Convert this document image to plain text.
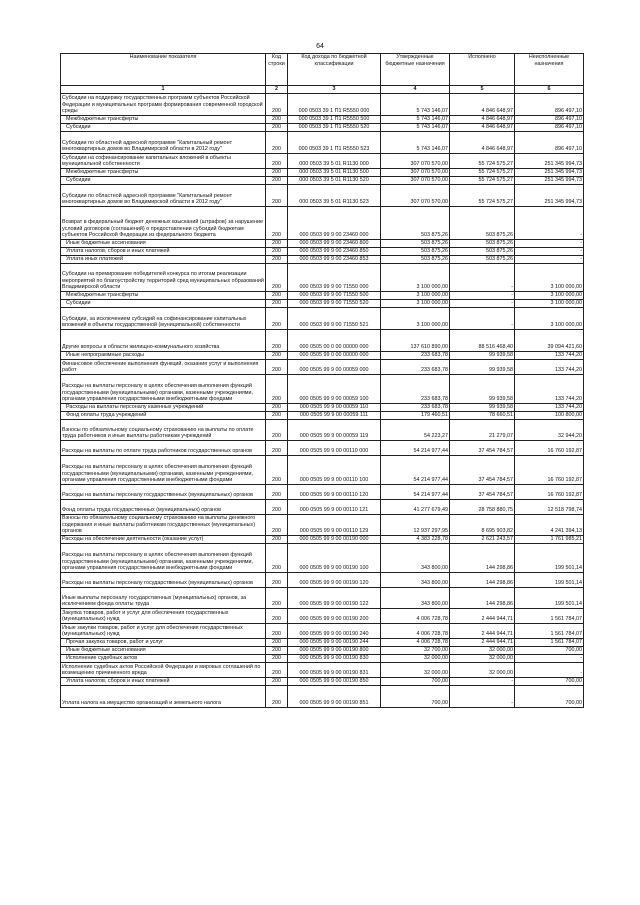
64
Наименование показателя	Код строки	Код дохода по бюджетной классификации	Утвержденные бюджетные назначения	Исполнено	Неисполненные назначения
1	2	3	4	5	6
Субсидии на поддержку государственных программ субъектов Российской Федерации и муниципальных программ формирования современной городской среды	200	000 0503 39 1 П1 R5550 000	5 743 146,07	4 846 648,97	896 497,10
Межбюджетные трансферты	200	000 0503 39 1 П1 R5550 500	5 743 146,07	4 846 648,97	896 497,10
Субсидии	200	000 0503 39 1 П1 R5550 520	5 743 146,07	4 846 648,97	896 497,10
Субсидии по областной адресной программе "Капитальный ремонт многоквартирных домов во Владимирской области в 2012 году"	200	000 0503 39 1 П1 R5550 523	5 743 146,07	4 846 648,97	896 497,10
Субсидии на софинансирование капитальных вложений в объекты муниципальной собственности	200	000 0503 39 5 01 R1130 000	307 070 570,00	55 724 575,27	251 345 994,73
Межбюджетные трансферты	200	000 0503 39 5 01 R1130 500	307 070 570,00	55 724 575,27	251 345 994,73
Субсидии	200	000 0503 39 5 01 R1130 520	307 070 570,00	55 724 575,27	251 345 994,73
Субсидии по областной адресной программе "Капитальный ремонт многоквартирных домов во Владимирской области в 2012 году"	200	000 0503 39 5 01 R1130 523	307 070 570,00	55 724 575,27	251 345 994,73
Возврат в федеральный бюджет денежных взысканий (штрафов) за нарушение условий договоров (соглашений) о предоставлении субсидий бюджетам субъектов Российской Федерации из федерального бюджета	200	000 0503 99 9 00 23460 000	503 875,26	503 875,26	-
Иные бюджетные ассигнования	200	000 0503 99 9 00 23460 800	503 875,26	503 875,26	-
Уплата налогов, сборов и иных платежей	200	000 0503 99 9 00 23460 850	503 875,26	503 875,26	-
Уплата иных платежей	200	000 0503 99 9 00 23460 853	503 875,26	503 875,26	-
Субсидии на премирование победителей конкурса по итогам реализации мероприятий по благоустройству территорий сред муниципальных образований Владимирской области	200	000 0503 99 9 00 71550 000	3 100 000,00	-	3 100 000,00
Межбюджетные трансферты	200	000 0503 99 9 00 71550 500	3 100 000,00	-	3 100 000,00
Субсидии	200	000 0503 99 9 00 71550 520	3 100 000,00	-	3 100 000,00
Субсидии, за исключением субсидий на софинансирование капитальных вложений в объекты государственной (муниципальной) собственности	200	000 0503 99 9 00 71550 521	3 100 000,00	-	3 100 000,00
Другие вопросы в области жилищно-коммунального хозяйства	200	000 0505 00 0 00 00000 000	137 610 890,00	88 516 468,40	39 094 421,60
Иные непрограммные расходы	200	000 0505 99 0 00 00000 000	233 683,78	99 939,58	133 744,20
Финансовое обеспечение выполнения функций, оказания услуг и выполнения работ	200	000 0505 99 9 00 00059 000	233 683,78	99 939,58	133 744,20
Расходы на выплаты персоналу в целях обеспечения выполнения функций государственными (муниципальными) органами, казенными учреждениями, органами управления государственными внебюджетными фондами	200	000 0505 99 9 00 00059 100	233 683,78	99 939,58	133 744,20
Расходы на выплаты персоналу казенных учреждений	200	000 0505 99 9 00 00059 110	233 683,78	99 939,58	133 744,20
Фонд оплаты труда учреждений	200	000 0505 99 9 00 00059 111	179 460,51	78 660,51	100 800,00
Взносы по обязательному социальному страхованию на выплаты по оплате труда работников и иные выплаты работникам учреждений	200	000 0505 99 9 00 00059 119	54 223,27	21 279,07	32 944,20
Расходы на выплаты по оплате труда работников государственных органов	200	000 0505 99 9 00 00110 000	54 214 977,44	37 454 784,57	16 760 192,87
Расходы на выплаты персоналу в целях обеспечения выполнения функций государственными (муниципальными) органами, казенными учреждениями, органами управления государственными внебюджетными фондами	200	000 0505 99 9 00 00110 100	54 214 977,44	37 454 784,57	16 760 192,87
Расходы на выплаты персоналу государственных (муниципальных) органов	200	000 0505 99 9 00 00110 120	54 214 977,44	37 454 784,57	16 760 192,87
Фонд оплаты труда государственных (муниципальных) органов	200	000 0505 99 9 00 00110 121	41 277 679,49	28 758 880,75	12 518 798,74
Взносы по обязательному социальному страхованию на выплаты денежного содержания и иные выплаты работникам государственных (муниципальных) органов	200	000 0505 99 9 00 00110 129	12 937 297,95	8 695 903,82	4 241 394,13
Расходы на обеспечение деятельности (оказание услуг)	200	000 0505 99 9 00 00190 000	4 383 228,78	2 621 243,57	1 761 985,21
Расходы на выплаты персоналу в целях обеспечения выполнения функций государственными (муниципальными) органами, казенными учреждениями, органами управления государственными внебюджетными фондами	200	000 0505 99 9 00 00190 100	343 800,00	144 298,86	199 501,14
Расходы на выплаты персоналу государственных (муниципальных) органов	200	000 0505 99 9 00 00190 120	343 800,00	144 298,86	199 501,14
Иные выплаты персоналу государственных (муниципальных) органов, за исключением фонда оплаты труда	200	000 0505 99 9 00 00190 122	343 800,00	144 298,86	199 501,14
Закупка товаров, работ и услуг для обеспечения государственных (муниципальных) нужд	200	000 0505 99 9 00 00190 200	4 006 728,78	2 444 944,71	1 561 784,07
Иные закупки товаров, работ и услуг для обеспечения государственных (муниципальных) нужд	200	000 0505 99 9 00 00190 240	4 006 728,78	2 444 944,71	1 561 784,07
Прочая закупка товаров, работ и услуг	200	000 0505 99 9 00 00190 244	4 006 728,78	2 444 944,71	1 561 784,07
Иные бюджетные ассигнования	200	000 0505 99 9 00 00190 800	32 700,00	32 000,00	700,00
Исполнение судебных актов	200	000 0505 99 9 00 00190 830	32 000,00	32 000,00	-
Исполнение судебных актов Российской Федерации и мировых соглашений по возмещению причиненного вреда	200	000 0505 99 9 00 00190 831	32 000,00	32 000,00	-
Уплата налогов, сборов и иных платежей	200	000 0505 99 9 00 00190 850	700,00	-	700,00
Уплата налога на имущество организаций и земельного налога	200	000 0505 99 9 00 00190 851	700,00	-	700,00
